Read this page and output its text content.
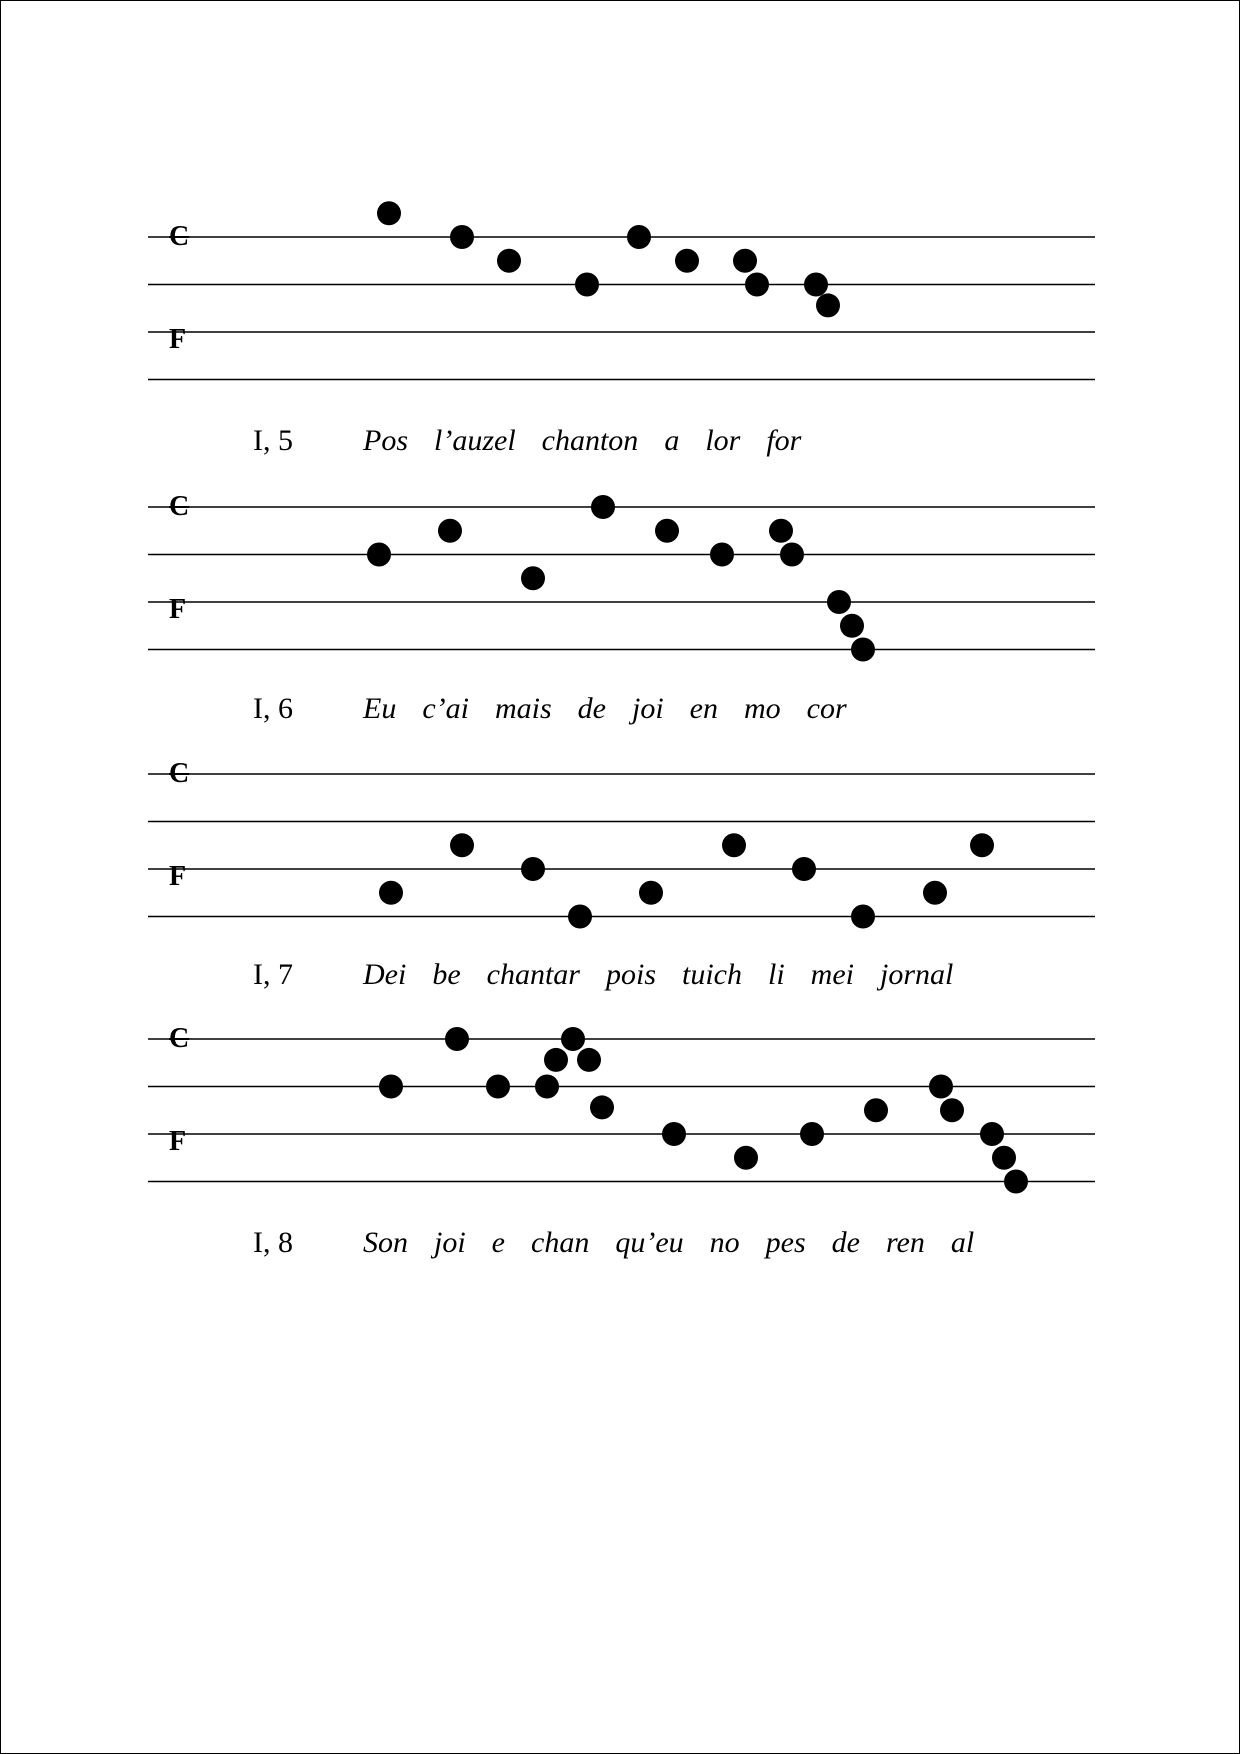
C
F
I, 5 Pos l’auzel chanton a lor for
C
F
I, 6 Eu c’ai mais de joi en mo cor
C
F
I, 7 Dei be chantar pois tuich li mei jornal
C
F
I, 8 Son joi e chan qu’eu no pes de ren al
